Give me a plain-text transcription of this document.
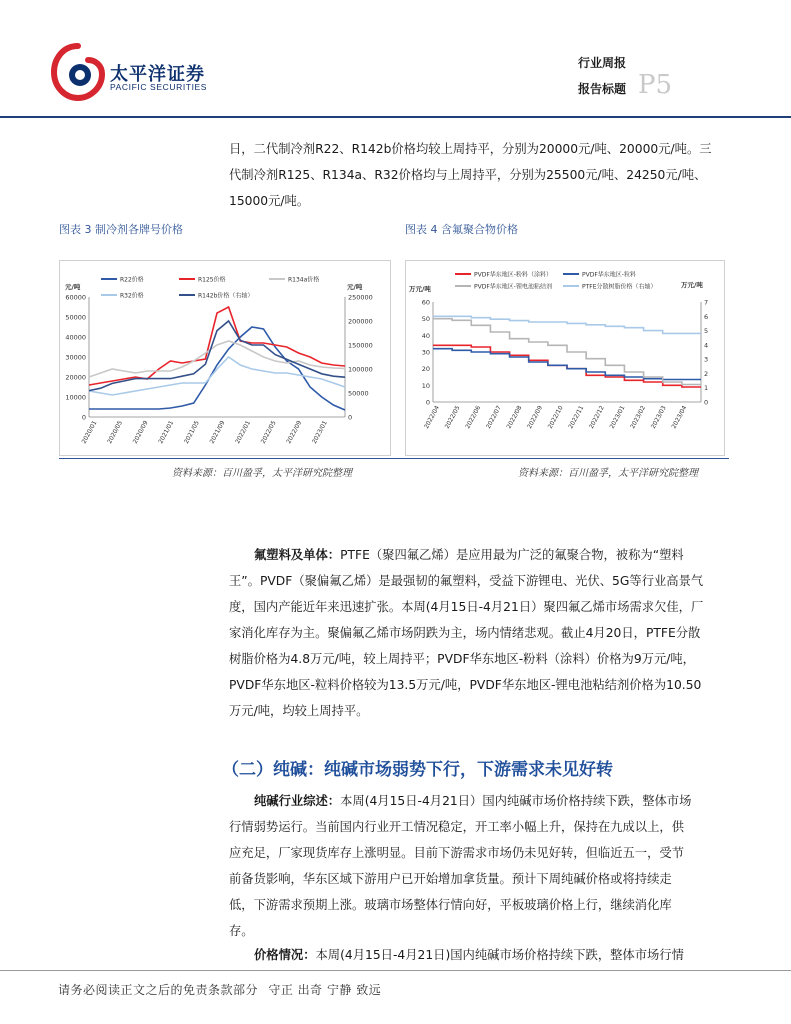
太平洋证券
PACIFIC SECURITIES
行业周报
报告标题 P5
日，二代制冷剂R22、R142b价格均较上周持平，分别为20000元/吨、20000元/吨。三
代制冷剂R125、R134a、R32价格均与上周持平，分别为25500元/吨、24250元/吨、
15000元/吨。
图表 3 制冷剂各牌号价格	图表 4 含氟聚合物价格
R22价格	R125价格	R134a价格
R32价格	R142b价格（右轴）
元/吨	元/吨
60000
50000
40000
30000
20000
10000
0
250000
200000
150000
100000
50000
0
2020/01 2020/05 2020/09 2021/01 2021/05 2021/09 2022/01 2022/05 2022/09 2023/01
PVDF华东地区-粉料（涂料）	PVDF华东地区-粒料
PVDF华东地区-锂电池粘结剂	PTFE分散树脂价格（右轴）
万元/吨	万元/吨
60
50
40
30
20
10
0
7
6
5
4
3
2
1
0
2022/04 2022/05 2022/06 2022/07 2022/08 2022/09 2022/10 2022/11 2022/12 2023/01 2023/02 2023/03 2023/04
资料来源：百川盈孚，太平洋研究院整理	资料来源：百川盈孚，太平洋研究院整理
氟塑料及单体：PTFE（聚四氟乙烯）是应用最为广泛的氟聚合物，被称为“塑料
王”。PVDF（聚偏氟乙烯）是最强韧的氟塑料，受益下游锂电、光伏、5G等行业高景气
度，国内产能近年来迅速扩张。本周(4月15日-4月21日）聚四氟乙烯市场需求欠佳，厂
家消化库存为主。聚偏氟乙烯市场阴跌为主，场内情绪悲观。截止4月20日，PTFE分散
树脂价格为4.8万元/吨，较上周持平；PVDF华东地区-粉料（涂料）价格为9万元/吨，
PVDF华东地区-粒料价格较为13.5万元/吨，PVDF华东地区-锂电池粘结剂价格为10.50
万元/吨，均较上周持平。
（二）纯碱：纯碱市场弱势下行，下游需求未见好转
纯碱行业综述：本周(4月15日-4月21日）国内纯碱市场价格持续下跌，整体市场
行情弱势运行。当前国内行业开工情况稳定，开工率小幅上升，保持在九成以上，供
应充足，厂家现货库存上涨明显。目前下游需求市场仍未见好转，但临近五一，受节
前备货影响，华东区域下游用户已开始增加拿货量。预计下周纯碱价格或将持续走
低，下游需求预期上涨。玻璃市场整体行情向好，平板玻璃价格上行，继续消化库
存。
价格情况：本周(4月15日-4月21日)国内纯碱市场价格持续下跌，整体市场行情
请务必阅读正文之后的免责条款部分 守正 出奇 宁静 致远
